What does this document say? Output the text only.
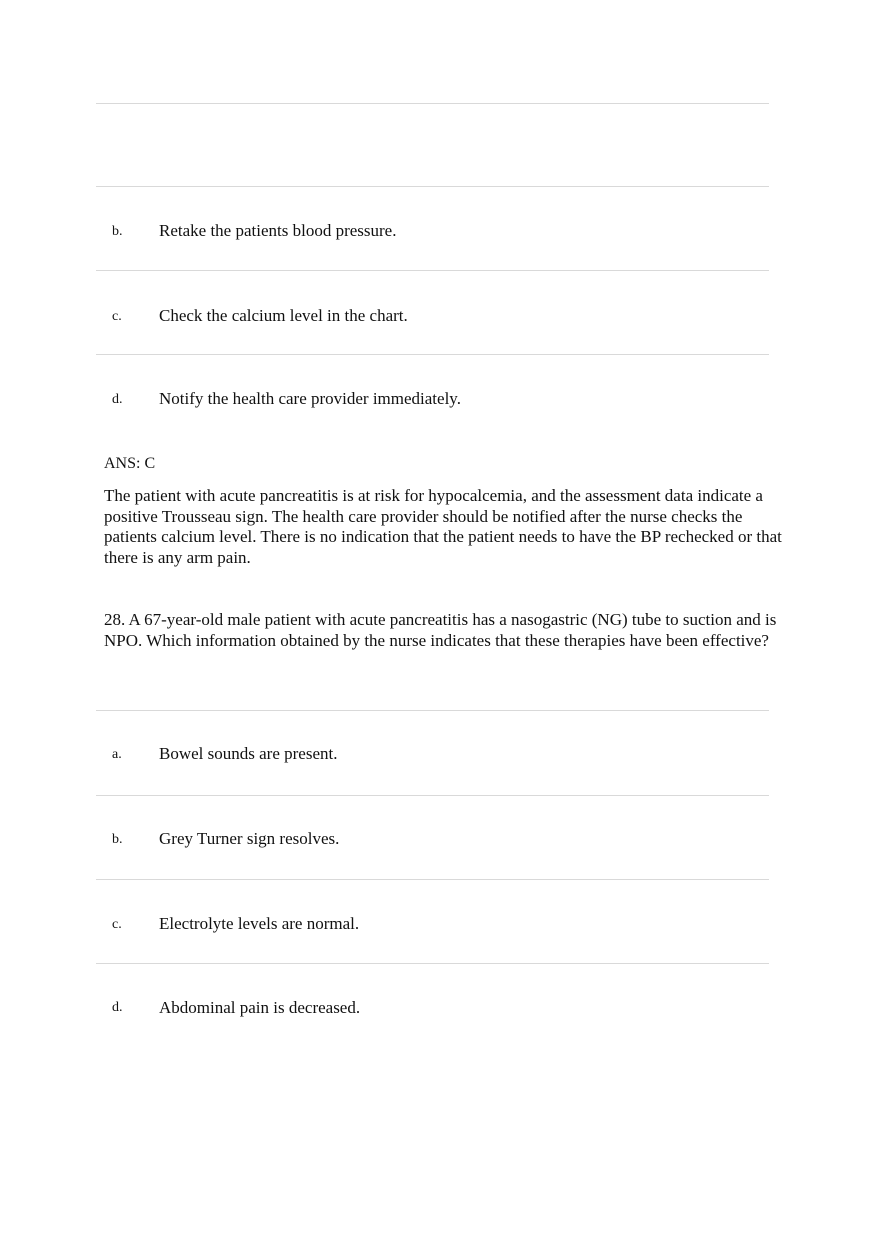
b. Retake the patients blood pressure.
c. Check the calcium level in the chart.
d. Notify the health care provider immediately.
ANS: C
The patient with acute pancreatitis is at risk for hypocalcemia, and the assessment data indicate a positive Trousseau sign. The health care provider should be notified after the nurse checks the patients calcium level. There is no indication that the patient needs to have the BP rechecked or that there is any arm pain.
28. A 67-year-old male patient with acute pancreatitis has a nasogastric (NG) tube to suction and is NPO. Which information obtained by the nurse indicates that these therapies have been effective?
a. Bowel sounds are present.
b. Grey Turner sign resolves.
c. Electrolyte levels are normal.
d. Abdominal pain is decreased.
